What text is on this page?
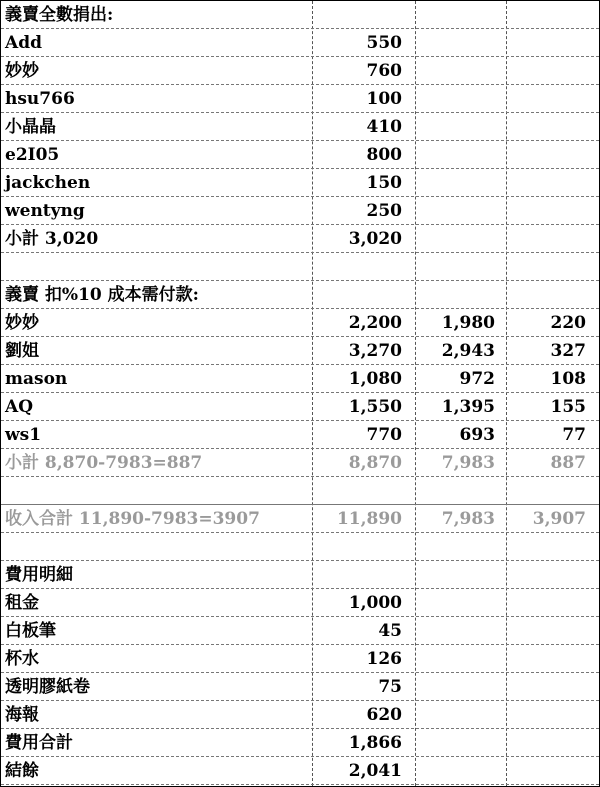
義賣全數捐出:
Add	550
妙妙	760
hsu766	100
小晶晶	410
e2I05	800
jackchen	150
wentyng	250
小計 3,020	3,020
義賣 扣%10 成本需付款:
妙妙	2,200	1,980	220
劉姐	3,270	2,943	327
mason	1,080	972	108
AQ	1,550	1,395	155
ws1	770	693	77
小計 8,870-7983=887	8,870	7,983	887
收入合計 11,890-7983=3907	11,890	7,983	3,907
費用明細
租金	1,000
白板筆	45
杯水	126
透明膠紙卷	75
海報	620
費用合計	1,866
結餘	2,041
